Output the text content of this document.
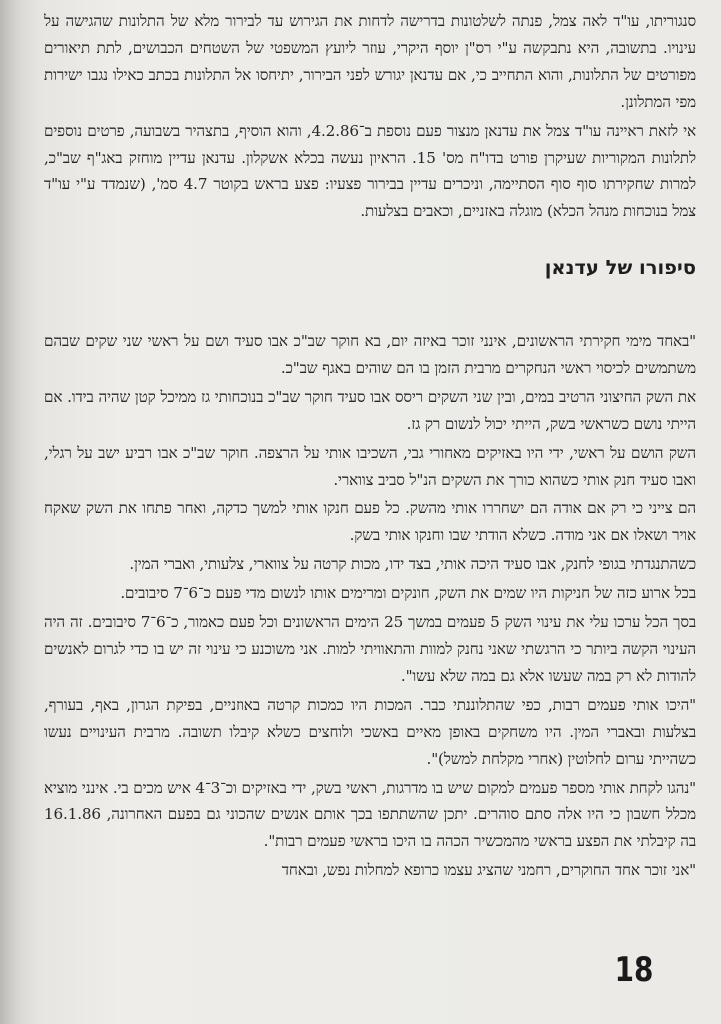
סנגוריתו, עו"ד לאה צמל, פנתה לשלטונות בדרישה לדחות את הגירוש עד לבירור מלא של התלונות שהגישה על עינויו. בתשובה, היא נתבקשה ע"י רס"ן יוסף היקרי, עוזר ליועץ המשפטי של השטחים הכבושים, לתת תיאורים מפורטים של התלונות, והוא התחייב כי, אם עדנאן יגורש לפני הבירור, יתיחסו אל התלונות בכתב כאילו נגבו ישירות מפי המתלונן.

אי לזאת ראיינה עו"ד צמל את עדנאן מנצור פעם נוספת ב־4.2.86, והוא הוסיף, בתצהיר בשבועה, פרטים נוספים לתלונות המקוריות שעיקרן פורט בדו"ח מס' 15. הראיון נעשה בכלא אשקלון. עדנאן עדיין מוחזק באג"ף שב"כ, למרות שחקירתו סוף סוף הסתיימה, וניכרים עדיין בבירור פצעיו: פצע בראש בקוטר 4.7 סמ', (שנמדד ע"י עו"ד צמל בנוכחות מנהל הכלא) מוגלה באזניים, וכאבים בצלעות.

סיפורו של עדנאן

"באחד מימי חקירתי הראשונים, אינני זוכר באיזה יום, בא חוקר שב"כ אבו סעיד ושם על ראשי שני שקים שבהם משתמשים לכיסוי ראשי הנחקרים מרבית הזמן בו הם שוהים באגף שב"כ.

את השק החיצוני הרטיב במים, ובין שני השקים ריסס אבו סעיד חוקר שב"כ בנוכחותי גז ממיכל קטן שהיה בידו. אם הייתי נושם כשראשי בשק, הייתי יכול לנשום רק גז.

השק הושם על ראשי, ידי היו באזיקים מאחורי גבי, השכיבו אותי על הרצפה. חוקר שב"כ אבו רביע ישב על רגלי, ואבו סעיד חנק אותי כשהוא כורך את השקים הנ"ל סביב צווארי.

הם צייני כי רק אם אודה הם ישחררו אותי מהשק. כל פעם חנקו אותי למשך כדקה, ואחר פתחו את השק שאקח אויר ושאלו אם אני מודה. כשלא הודתי שבו וחנקו אותי בשק.

כשהתנגדתי בגופי לחנק, אבו סעיד היכה אותי, בצד ידו, מכות קרטה על צווארי, צלעותי, ואברי המין.

בכל ארוע כזה של חניקות היו שמים את השק, חונקים ומרימים אותו לנשום מדי פעם כ־6־7 סיבובים.

בסך הכל ערכו עלי את עינוי השק 5 פעמים במשך 25 הימים הראשונים וכל פעם כאמור, כ־6־7 סיבובים. זה היה העינוי הקשה ביותר כי הרגשתי שאני נחנק למוות והתאוויתי למות. אני משוכנע כי עינוי זה יש בו כדי לגרום לאנשים להודות לא רק במה שעשו אלא גם במה שלא עשו".

"היכו אותי פעמים רבות, כפי שהתלוננתי כבר. המכות היו כמכות קרטה באוזניים, בפיקת הגרון, באף, בעורף, בצלעות ובאברי המין. היו משחקים באופן מאיים באשכי ולוחצים כשלא קיבלו תשובה. מרבית העינויים נעשו כשהייתי ערום לחלוטין (אחרי מקלחת למשל)".

"נהגו לקחת אותי מספר פעמים למקום שיש בו מדרגות, ראשי בשק, ידי באזיקים וכ־3־4 איש מכים בי. אינני מוציא מכלל חשבון כי היו אלה סתם סוהרים. יתכן שהשתתפו בכך אותם אנשים שהכוני גם בפעם האחרונה, 16.1.86 בה קיבלתי את הפצע בראשי מהמכשיר הכהה בו היכו בראשי פעמים רבות".

"אני זוכר אחד החוקרים, רחמני שהציג עצמו כרופא למחלות נפש, ובאחד

18
